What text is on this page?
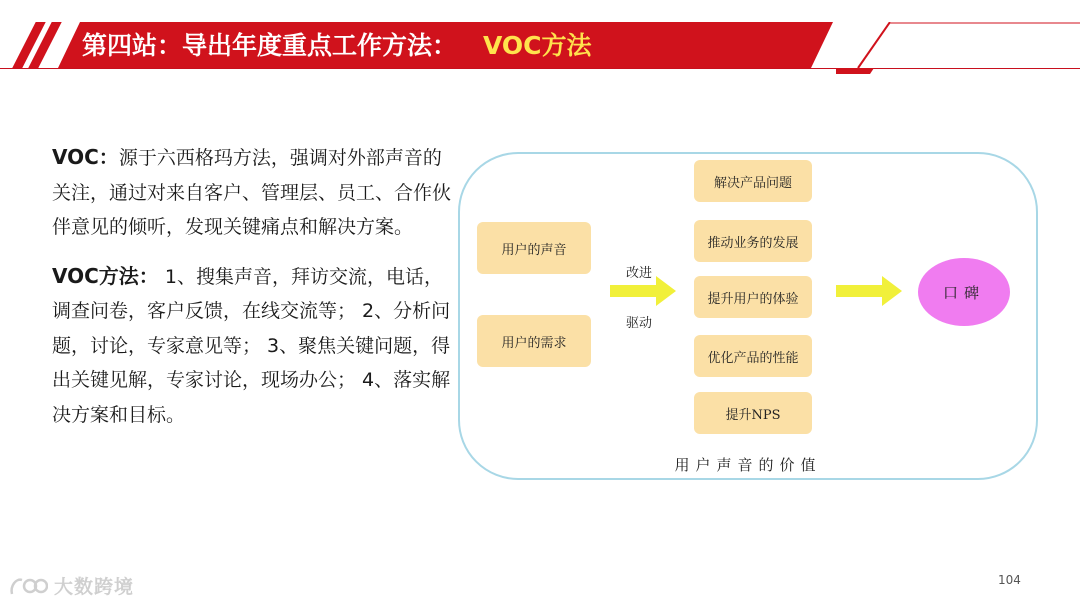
第四站：导出年度重点工作方法： VOC方法

VOC：源于六西格玛方法，强调对外部声音的关注，通过对来自客户、管理层、员工、合作伙伴意见的倾听，发现关键痛点和解决方案。

VOC方法： 1、搜集声音，拜访交流，电话，调查问卷，客户反馈，在线交流等； 2、分析问题，讨论，专家意见等； 3、聚焦关键问题，得出关键见解，专家讨论，现场办公； 4、落实解决方案和目标。

用户的声音
用户的需求
改进
驱动
解决产品问题
推动业务的发展
提升用户的体验
优化产品的性能
提升NPS
口碑
用户声音的价值
104
大数跨境
